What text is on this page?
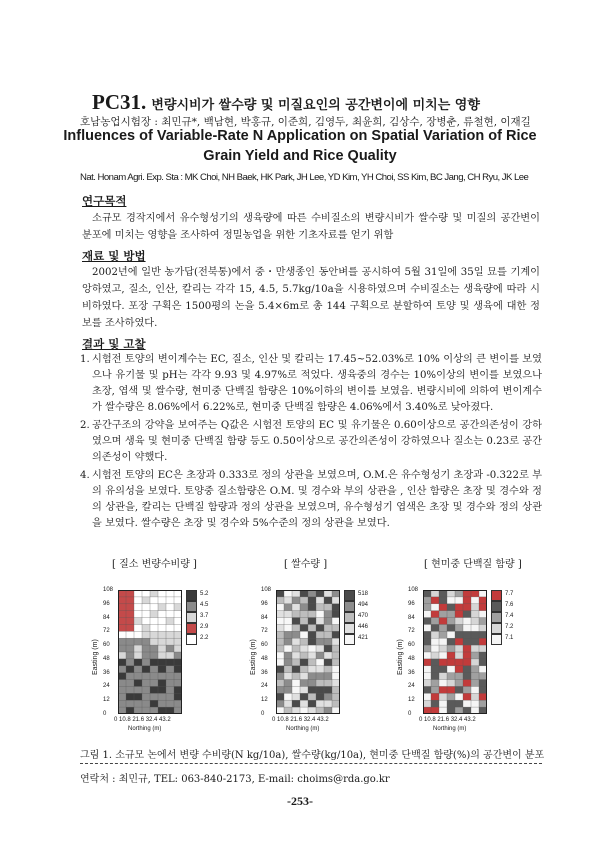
PC31. 변량시비가 쌀수량 및 미질요인의 공간변이에 미치는 영향
호남농업시험장 : 최민규*, 백남현, 박홍규, 이준희, 김영두, 최윤희, 김상수, 장병춘, 류철현, 이재길
Influences of Variable-Rate N Application on Spatial Variation of Rice
Grain Yield and Rice Quality
Nat. Honam Agri. Exp. Sta : MK Choi, NH Baek, HK Park, JH Lee, YD Kim, YH Choi, SS Kim, BC Jang, CH Ryu, JK Lee
연구목적
소규모 경작지에서 유수형성기의 생육량에 따른 수비질소의 변량시비가 쌀수량 및 미질의 공간변이 분포에 미치는 영향을 조사하여 정밀농업을 위한 기초자료를 얻기 위함
재료 및 방법
2002년에 일반 농가답(전북통)에서 중・만생종인 동안벼를 공시하여 5월 31일에 35일 묘를 기계이앙하였고, 질소, 인산, 칼리는 각각 15, 4.5, 5.7kg/10a을 시용하였으며 수비질소는 생육량에 따라 시비하였다. 포장 구획은 1500평의 논을 5.4×6m로 총 144 구획으로 분할하여 토양 및 생육에 대한 정보를 조사하였다.
결과 및 고찰
1. 시험전 토양의 변이계수는 EC, 질소, 인산 및 칼리는 17.45~52.03%로 10% 이상의 큰 변이를 보였으나 유기물 및 pH는 각각 9.93 및 4.97%로 적었다. 생육중의 경수는 10%이상의 변이를 보였으나 초장, 엽색 및 쌀수량, 현미중 단백질 함량은 10%이하의 변이를 보였음. 변량시비에 의하여 변이계수가 쌀수량은 8.06%에서 6.22%로, 현미중 단백질 함량은 4.06%에서 3.40%로 낮아졌다.
2. 공간구조의 강약을 보여주는 Q값은 시험전 토양의 EC 및 유기물은 0.60이상으로 공간의존성이 강하였으며 생육 및 현미중 단백질 함량 등도 0.50이상으로 공간의존성이 강하였으나 질소는 0.23로 공간 의존성이 약했다.
4. 시험전 토양의 EC은 초장과 0.333로 정의 상관을 보였으며, O.M.은 유수형성기 초장과 -0.322로 부의 유의성을 보였다. 토양중 질소함량은 O.M. 및 경수와 부의 상관을 , 인산 함량은 초장 및 경수와 정의 상관을, 칼리는 단백질 함량과 정의 상관을 보였으며, 유수형성기 엽색은 초장 및 경수와 정의 상관을 보였다. 쌀수량은 초장 및 경수와 5%수준의 정의 상관을 보였다.
[ 질소 변량수비량 ]	[ 쌀수량 ]	[ 현미중 단백질 함량 ]
108
96
84
72
60
48
36
24
12
0
Easting (m)
0 10.8 21.6 32.4 43.2
Northing (m)
5.2
4.5
3.7
2.9
2.2
108
96
84
72
60
48
36
24
12
0
Easting (m)
0 10.8 21.6 32.4 43.2
Northing (m)
518
494
470
446
421
108
96
84
72
60
48
36
24
12
0
Easting (m)
0 10.8 21.6 32.4 43.2
Northing (m)
7.7
7.6
7.4
7.2
7.1
그림 1. 소규모 논에서 변량 수비량(N kg/10a), 쌀수량(kg/10a), 현미중 단백질 함량(%)의 공간변이 분포
연락처 : 최민규, TEL: 063-840-2173, E-mail: choims@rda.go.kr
-253-
